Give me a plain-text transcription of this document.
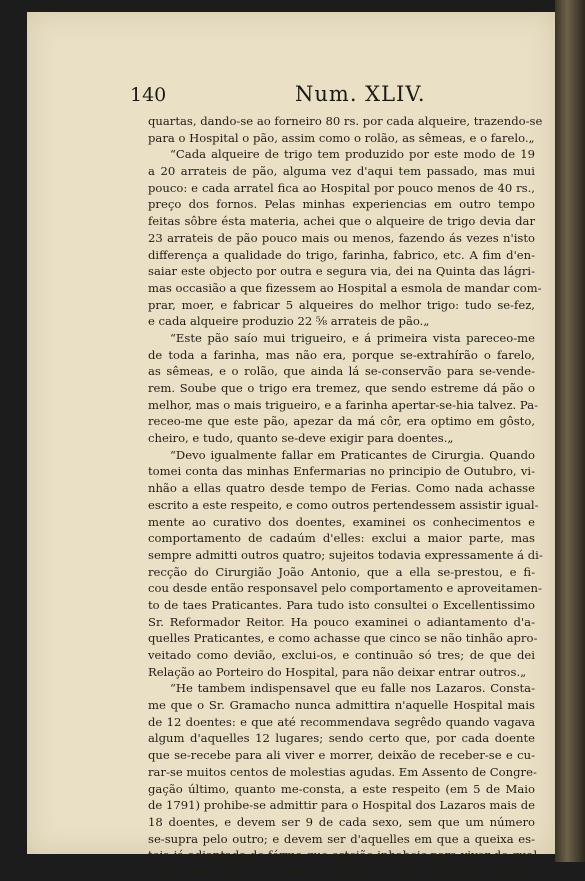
140	Num. XLIV.
quartas, dando-se ao forneiro 80 rs. por cada alqueire, trazendo-se
para o Hospital o pão, assim como o rolão, as sêmeas, e o farelo.„
“Cada alqueire de trigo tem produzido por este modo de 19
a 20 arrateis de pão, alguma vez d'aqui tem passado, mas mui
pouco: e cada arratel fica ao Hospital por pouco menos de 40 rs.,
preço dos fornos. Pelas minhas experiencias em outro tempo
feitas sôbre ésta materia, achei que o alqueire de trigo devia dar
23 arrateis de pão pouco mais ou menos, fazendo ás vezes n'isto
differença a qualidade do trigo, farinha, fabrico, etc. A fim d'en-
saiar este objecto por outra e segura via, dei na Quinta das lágri-
mas occasião a que fizessem ao Hospital a esmola de mandar com-
prar, moer, e fabricar 5 alqueires do melhor trigo: tudo se-fez,
e cada alqueire produzio 22 ⅝ arrateis de pão.„
“Este pão saío mui trigueiro, e á primeira vista pareceo-me
de toda a farinha, mas não era, porque se-extrahírão o farelo,
as sêmeas, e o rolão, que ainda lá se-conservão para se-vende-
rem. Soube que o trigo era tremez, que sendo estreme dá pão o
melhor, mas o mais trigueiro, e a farinha apertar-se-hia talvez. Pa-
receo-me que este pão, apezar da má côr, era optimo em gôsto,
cheiro, e tudo, quanto se-deve exigir para doentes.„
“Devo igualmente fallar em Praticantes de Cirurgia. Quando
tomei conta das minhas Enfermarias no principio de Outubro, vi-
nhão a ellas quatro desde tempo de Ferias. Como nada achasse
escrito a este respeito, e como outros pertendessem assistir igual-
mente ao curativo dos doentes, examinei os conhecimentos e
comportamento de cadaúm d'elles: exclui a maior parte, mas
sempre admitti outros quatro; sujeitos todavia expressamente á di-
recção do Cirurgião João Antonio, que a ella se-prestou, e fi-
cou desde então responsavel pelo comportamento e aproveitamen-
to de taes Praticantes. Para tudo isto consultei o Excellentissimo
Sr. Reformador Reitor. Ha pouco examinei o adiantamento d'a-
quelles Praticantes, e como achasse que cinco se não tinhão apro-
veitado como devião, exclui-os, e continuão só tres; de que dei
Relação ao Porteiro do Hospital, para não deixar entrar outros.„
“He tambem indispensavel que eu falle nos Lazaros. Consta-
me que o Sr. Gramacho nunca admittira n'aquelle Hospital mais
de 12 doentes: e que até recommendava segrêdo quando vagava
algum d'aquelles 12 lugares; sendo certo que, por cada doente
que se-recebe para ali viver e morrer, deixão de receber-se e cu-
rar-se muitos centos de molestias agudas. Em Assento de Congre-
gação último, quanto me-consta, a este respeito (em 5 de Maio
de 1791) prohibe-se admittir para o Hospital dos Lazaros mais de
18 doentes, e devem ser 9 de cada sexo, sem que um número
se-supra pelo outro; e devem ser d'aquelles em que a queixa es-
teja já adiantada de fórma que estejão inhabeis para viver de qual-
quer outro meio: e achando-se agora no dito Hospital 11 mulhe-
